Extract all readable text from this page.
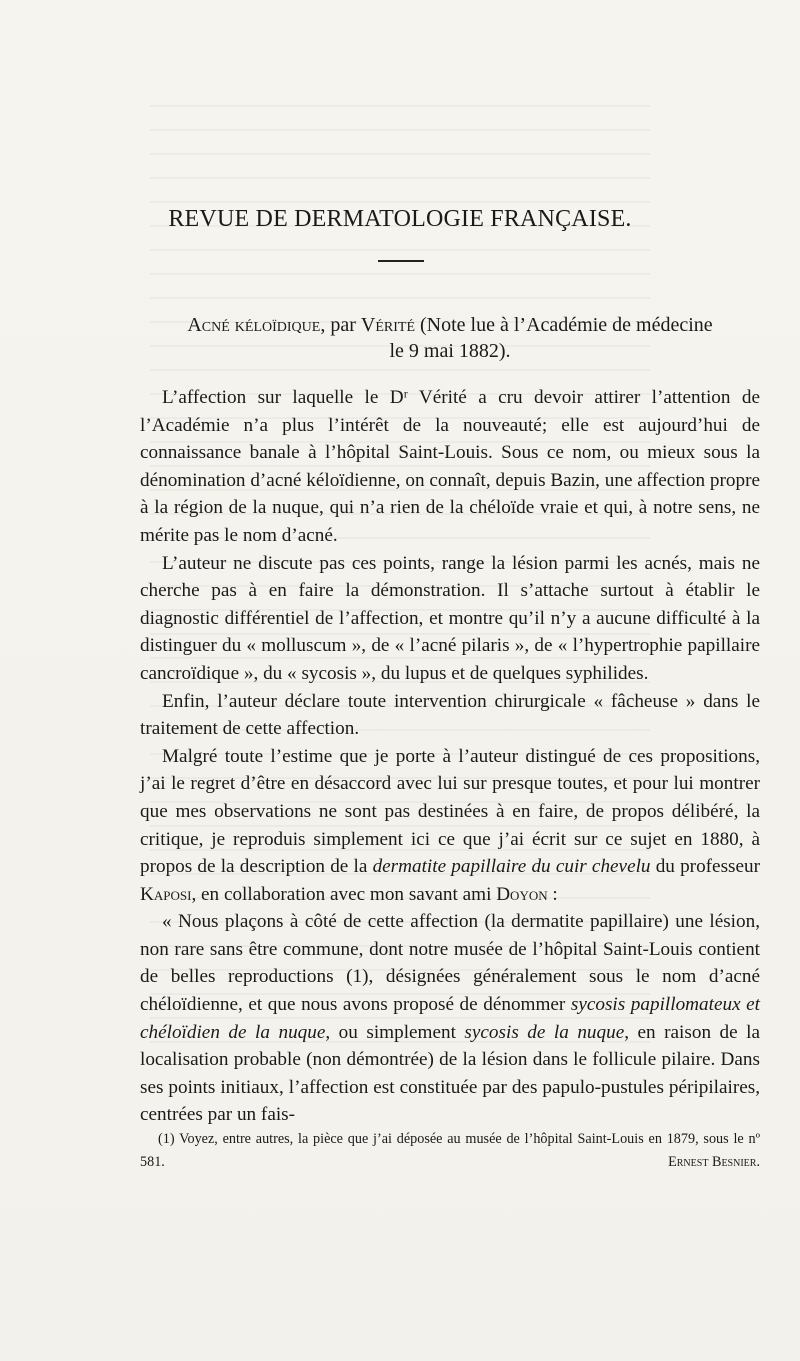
REVUE DE DERMATOLOGIE FRANÇAISE.
Acné kéloïdique, par Vérité (Note lue à l’Académie de médecine
le 9 mai 1882).

L’affection sur laquelle le Dʳ Vérité a cru devoir attirer l’attention de l’Académie n’a plus l’intérêt de la nouveauté; elle est aujourd’hui de connaissance banale à l’hôpital Saint-Louis. Sous ce nom, ou mieux sous la dénomination d’acné kéloïdienne, on connaît, depuis Bazin, une affection propre à la région de la nuque, qui n’a rien de la chéloïde vraie et qui, à notre sens, ne mérite pas le nom d’acné.

L’auteur ne discute pas ces points, range la lésion parmi les acnés, mais ne cherche pas à en faire la démonstration. Il s’attache surtout à établir le diagnostic différentiel de l’affection, et montre qu’il n’y a aucune difficulté à la distinguer du « molluscum », de « l’acné pilaris », de « l’hypertrophie papillaire cancroïdique », du « sycosis », du lupus et de quelques syphilides.

Enfin, l’auteur déclare toute intervention chirurgicale « fâcheuse » dans le traitement de cette affection.

Malgré toute l’estime que je porte à l’auteur distingué de ces propositions, j’ai le regret d’être en désaccord avec lui sur presque toutes, et pour lui montrer que mes observations ne sont pas destinées à en faire, de propos délibéré, la critique, je reproduis simplement ici ce que j’ai écrit sur ce sujet en 1880, à propos de la description de la dermatite papillaire du cuir chevelu du professeur Kaposi, en collaboration avec mon savant ami Doyon :

« Nous plaçons à côté de cette affection (la dermatite papillaire) une lésion, non rare sans être commune, dont notre musée de l’hôpital Saint-Louis contient de belles reproductions (1), désignées généralement sous le nom d’acné chéloïdienne, et que nous avons proposé de dénommer sycosis papillomateux et chéloïdien de la nuque, ou simplement sycosis de la nuque, en raison de la localisation probable (non démontrée) de la lésion dans le follicule pilaire. Dans ses points initiaux, l’affection est constituée par des papulo-pustules péripilaires, centrées par un fais-

(1) Voyez, entre autres, la pièce que j’ai déposée au musée de l’hôpital Saint-Louis en 1879, sous le nº 581.	Ernest Besnier.
